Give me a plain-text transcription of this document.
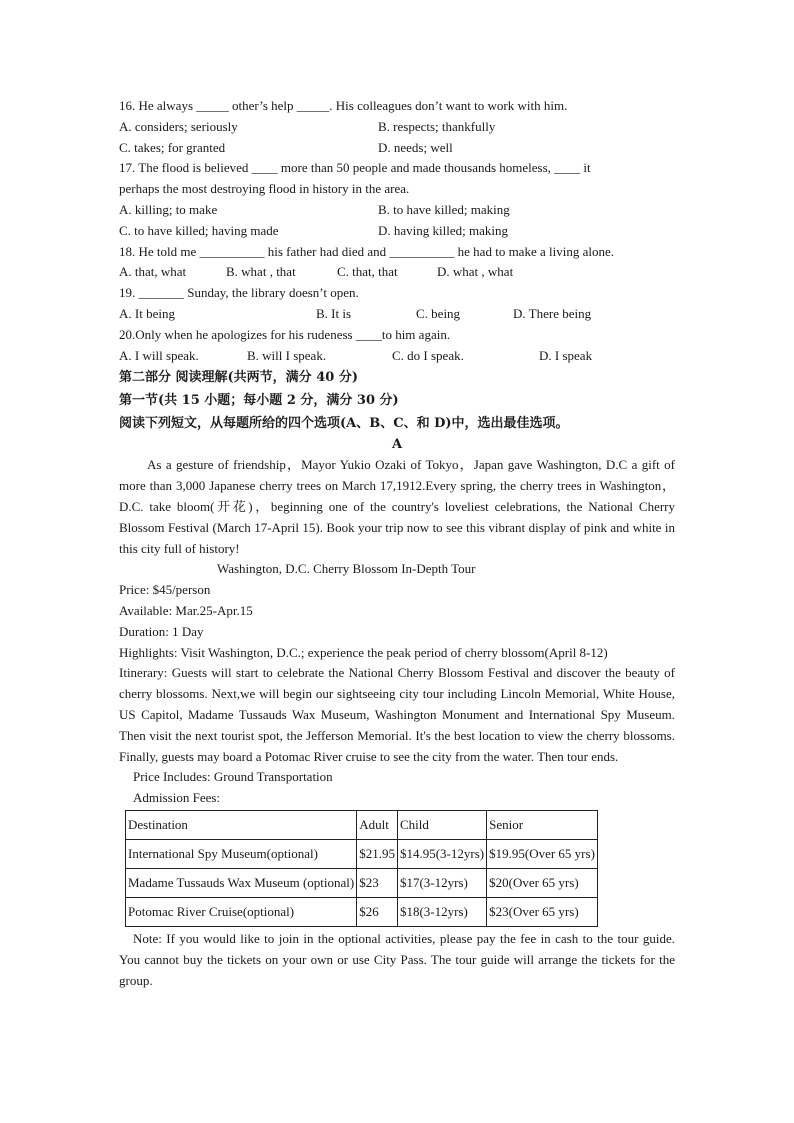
16. He always _____ other’s help _____. His colleagues don’t want to work with him.
A. considers; seriously	B. respects; thankfully
C. takes; for granted	D. needs; well
17. The flood is believed ____ more than 50 people and made thousands homeless, ____ it
perhaps the most destroying flood in history in the area.
A. killing; to make	B. to have killed; making
C. to have killed; having made	D. having killed; making
18. He told me __________ his father had died and __________ he had to make a living alone.
A. that, what	B. what , that	C. that, that	D. what , what
19. _______ Sunday, the library doesn’t open.
A. It being	B. It is	C. being	D. There being
20.Only when he apologizes for his rudeness ____to him again.
A. I will speak.	B. will I speak.	C. do I speak.	D. I speak
第二部分 阅读理解(共两节，满分 40 分)
第一节(共 15 小题；每小题 2 分，满分 30 分)
阅读下列短文，从每题所给的四个选项(A、B、C、和 D)中，选出最佳选项。
A
As a gesture of friendship，Mayor Yukio Ozaki of Tokyo，Japan gave Washington, D.C a gift of more than 3,000 Japanese cherry trees on March 17,1912.Every spring, the cherry trees in Washington，D.C. take bloom(开花)，beginning one of the country's loveliest celebrations, the National Cherry Blossom Festival (March 17-April 15). Book your trip now to see this vibrant display of pink and white in this city full of history!
Washington, D.C. Cherry Blossom In-Depth Tour
Price: $45/person
Available: Mar.25-Apr.15
Duration: 1 Day
Highlights: Visit Washington, D.C.; experience the peak period of cherry blossom(April 8-12)
Itinerary: Guests will start to celebrate the National Cherry Blossom Festival and discover the beauty of cherry blossoms. Next,we will begin our sightseeing city tour including Lincoln Memorial, White House, US Capitol, Madame Tussauds Wax Museum, Washington Monument and International Spy Museum. Then visit the next tourist spot, the Jefferson Memorial. It's the best location to view the cherry blossoms. Finally, guests may board a Potomac River cruise to see the city from the water. Then tour ends.
Price Includes: Ground Transportation
Admission Fees:
Destination	Adult	Child	Senior
International Spy Museum(optional)	$21.95	$14.95(3-12yrs)	$19.95(Over 65 yrs)
Madame Tussauds Wax Museum (optional)	$23	$17(3-12yrs)	$20(Over 65 yrs)
Potomac River Cruise(optional)	$26	$18(3-12yrs)	$23(Over 65 yrs)
Note: If you would like to join in the optional activities, please pay the fee in cash to the tour guide. You cannot buy the tickets on your own or use City Pass. The tour guide will arrange the tickets for the group.
